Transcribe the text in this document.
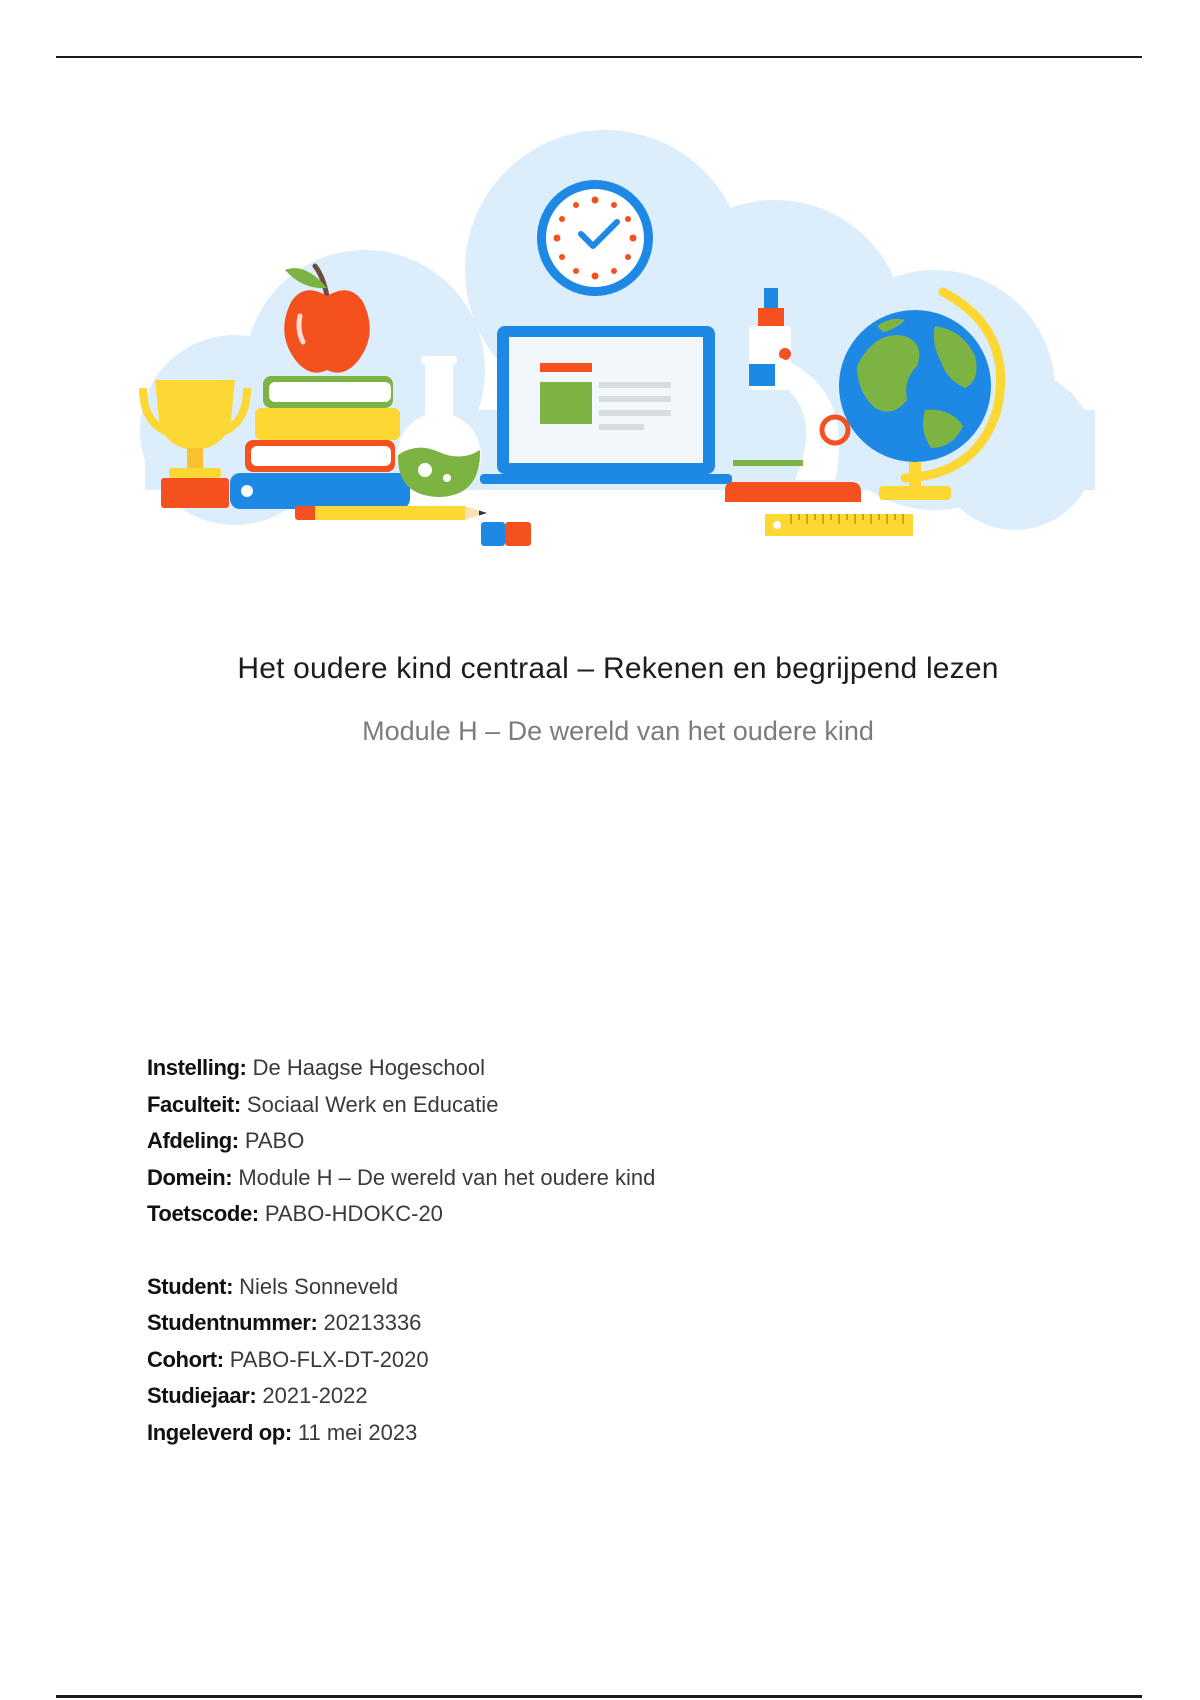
Het oudere kind centraal – Rekenen en begrijpend lezen
Module H – De wereld van het oudere kind
Instelling: De Haagse Hogeschool
Faculteit: Sociaal Werk en Educatie
Afdeling: PABO
Domein: Module H – De wereld van het oudere kind
Toetscode: PABO-HDOKC-20
Student: Niels Sonneveld
Studentnummer: 20213336
Cohort: PABO-FLX-DT-2020
Studiejaar: 2021-2022
Ingeleverd op: 11 mei 2023
